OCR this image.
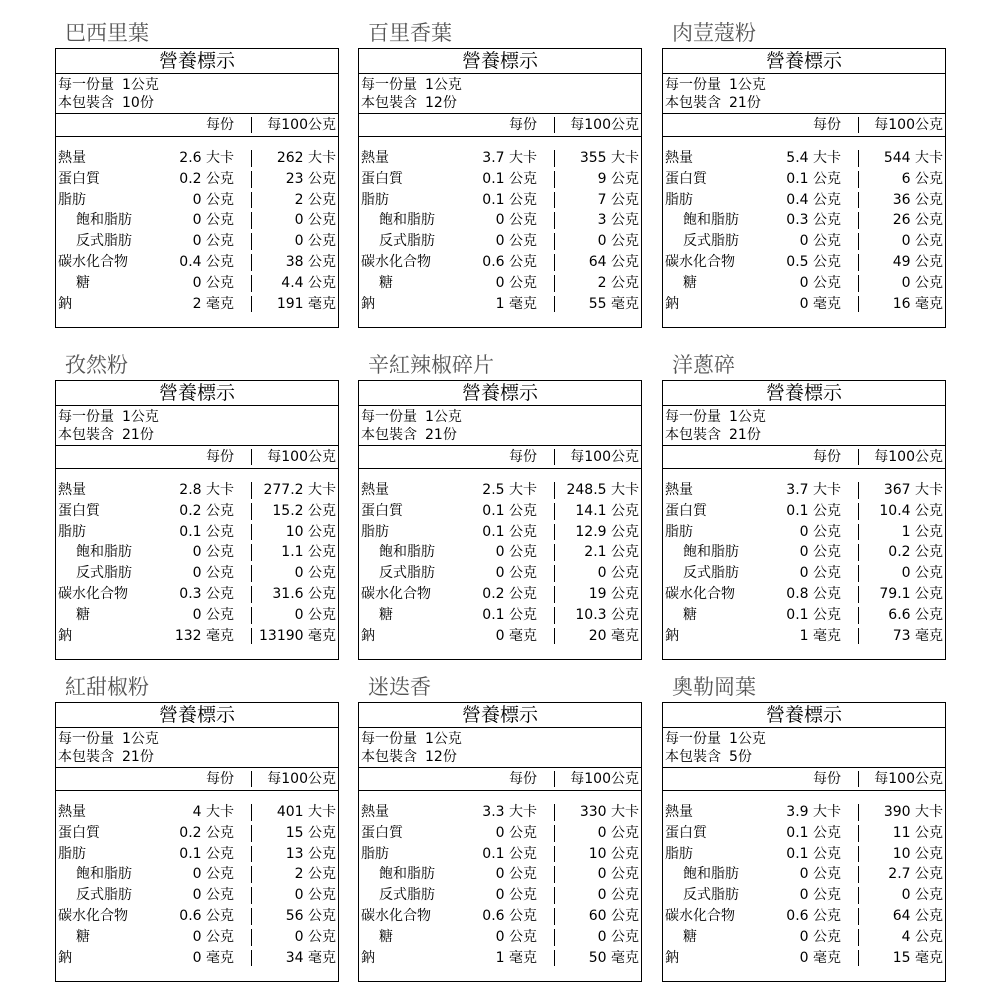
巴西里葉
營養標示
每一份量 1公克
本包裝含 10份
每份 每100公克
熱量	2.6 大卡	262 大卡
蛋白質	0.2 公克	23 公克
脂肪	0 公克	2 公克
飽和脂肪	0 公克	0 公克
反式脂肪	0 公克	0 公克
碳水化合物	0.4 公克	38 公克
糖	0 公克	4.4 公克
鈉	2 毫克	191 毫克
百里香葉
營養標示
每一份量 1公克
本包裝含 12份
每份 每100公克
熱量	3.7 大卡	355 大卡
蛋白質	0.1 公克	9 公克
脂肪	0.1 公克	7 公克
飽和脂肪	0 公克	3 公克
反式脂肪	0 公克	0 公克
碳水化合物	0.6 公克	64 公克
糖	0 公克	2 公克
鈉	1 毫克	55 毫克
肉荳蔻粉
營養標示
每一份量 1公克
本包裝含 21份
每份 每100公克
熱量	5.4 大卡	544 大卡
蛋白質	0.1 公克	6 公克
脂肪	0.4 公克	36 公克
飽和脂肪	0.3 公克	26 公克
反式脂肪	0 公克	0 公克
碳水化合物	0.5 公克	49 公克
糖	0 公克	0 公克
鈉	0 毫克	16 毫克
孜然粉
營養標示
每一份量 1公克
本包裝含 21份
每份 每100公克
熱量	2.8 大卡 277.2 大卡
蛋白質	0.2 公克	15.2 公克
脂肪	0.1 公克	10 公克
飽和脂肪	0 公克	1.1 公克
反式脂肪	0 公克	0 公克
碳水化合物	0.3 公克	31.6 公克
糖	0 公克	0 公克
鈉	132 毫克 13190 毫克
辛紅辣椒碎片
營養標示
每一份量 1公克
本包裝含 21份
每份 每100公克
熱量	2.5 大卡 248.5 大卡
蛋白質	0.1 公克	14.1 公克
脂肪	0.1 公克	12.9 公克
飽和脂肪	0 公克	2.1 公克
反式脂肪	0 公克	0 公克
碳水化合物	0.2 公克	19 公克
糖	0.1 公克	10.3 公克
鈉	0 毫克	20 毫克
洋蔥碎
營養標示
每一份量 1公克
本包裝含 21份
每份 每100公克
熱量	3.7 大卡	367 大卡
蛋白質	0.1 公克	10.4 公克
脂肪	0 公克	1 公克
飽和脂肪	0 公克	0.2 公克
反式脂肪	0 公克	0 公克
碳水化合物	0.8 公克	79.1 公克
糖	0.1 公克	6.6 公克
鈉	1 毫克	73 毫克
紅甜椒粉
營養標示
每一份量 1公克
本包裝含 21份
每份 每100公克
熱量	4 大卡	401 大卡
蛋白質	0.2 公克	15 公克
脂肪	0.1 公克	13 公克
飽和脂肪	0 公克	2 公克
反式脂肪	0 公克	0 公克
碳水化合物	0.6 公克	56 公克
糖	0 公克	0 公克
鈉	0 毫克	34 毫克
迷迭香
營養標示
每一份量 1公克
本包裝含 12份
每份 每100公克
熱量	3.3 大卡	330 大卡
蛋白質	0 公克	0 公克
脂肪	0.1 公克	10 公克
飽和脂肪	0 公克	0 公克
反式脂肪	0 公克	0 公克
碳水化合物	0.6 公克	60 公克
糖	0 公克	0 公克
鈉	1 毫克	50 毫克
奧勒岡葉
營養標示
每一份量 1公克
本包裝含 5份
每份 每100公克
熱量	3.9 大卡	390 大卡
蛋白質	0.1 公克	11 公克
脂肪	0.1 公克	10 公克
飽和脂肪	0 公克	2.7 公克
反式脂肪	0 公克	0 公克
碳水化合物	0.6 公克	64 公克
糖	0 公克	4 公克
鈉	0 毫克	15 毫克
